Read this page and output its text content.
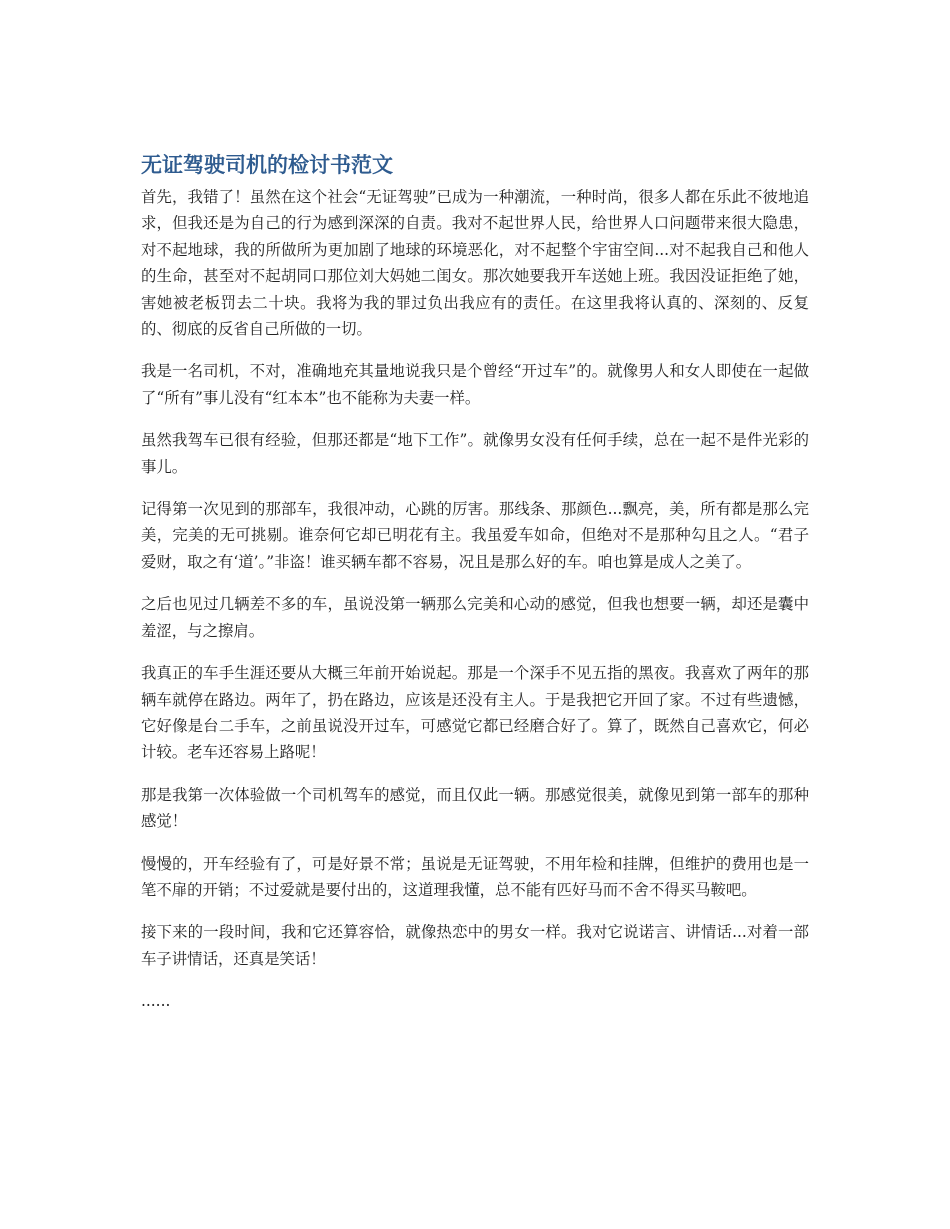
无证驾驶司机的检讨书范文

首先，我错了！虽然在这个社会“无证驾驶”已成为一种潮流，一种时尚，很多人都在乐此不彼地追求，但我还是为自己的行为感到深深的自责。我对不起世界人民，给世界人口问题带来很大隐患，对不起地球，我的所做所为更加剧了地球的环境恶化，对不起整个宇宙空间...对不起我自己和他人的生命，甚至对不起胡同口那位刘大妈她二闺女。那次她要我开车送她上班。我因没证拒绝了她，害她被老板罚去二十块。我将为我的罪过负出我应有的责任。在这里我将认真的、深刻的、反复的、彻底的反省自己所做的一切。

我是一名司机，不对，准确地充其量地说我只是个曾经“开过车”的。就像男人和女人即使在一起做了“所有”事儿没有“红本本”也不能称为夫妻一样。

虽然我驾车已很有经验，但那还都是“地下工作”。就像男女没有任何手续，总在一起不是件光彩的事儿。

记得第一次见到的那部车，我很冲动，心跳的厉害。那线条、那颜色...飘亮，美，所有都是那么完美，完美的无可挑剔。谁奈何它却已明花有主。我虽爱车如命，但绝对不是那种勾且之人。“君子爱财，取之有‘道’。”非盗！谁买辆车都不容易，况且是那么好的车。咱也算是成人之美了。

之后也见过几辆差不多的车，虽说没第一辆那么完美和心动的感觉，但我也想要一辆，却还是囊中羞涩，与之擦肩。

我真正的车手生涯还要从大概三年前开始说起。那是一个深手不见五指的黑夜。我喜欢了两年的那辆车就停在路边。两年了，扔在路边，应该是还没有主人。于是我把它开回了家。不过有些遗憾，它好像是台二手车，之前虽说没开过车，可感觉它都已经磨合好了。算了，既然自己喜欢它，何必计较。老车还容易上路呢！

那是我第一次体验做一个司机驾车的感觉，而且仅此一辆。那感觉很美，就像见到第一部车的那种感觉！

慢慢的，开车经验有了，可是好景不常；虽说是无证驾驶，不用年检和挂牌，但维护的费用也是一笔不扉的开销；不过爱就是要付出的，这道理我懂，总不能有匹好马而不舍不得买马鞍吧。

接下来的一段时间，我和它还算容恰，就像热恋中的男女一样。我对它说诺言、讲情话...对着一部车子讲情话，还真是笑话！

......
